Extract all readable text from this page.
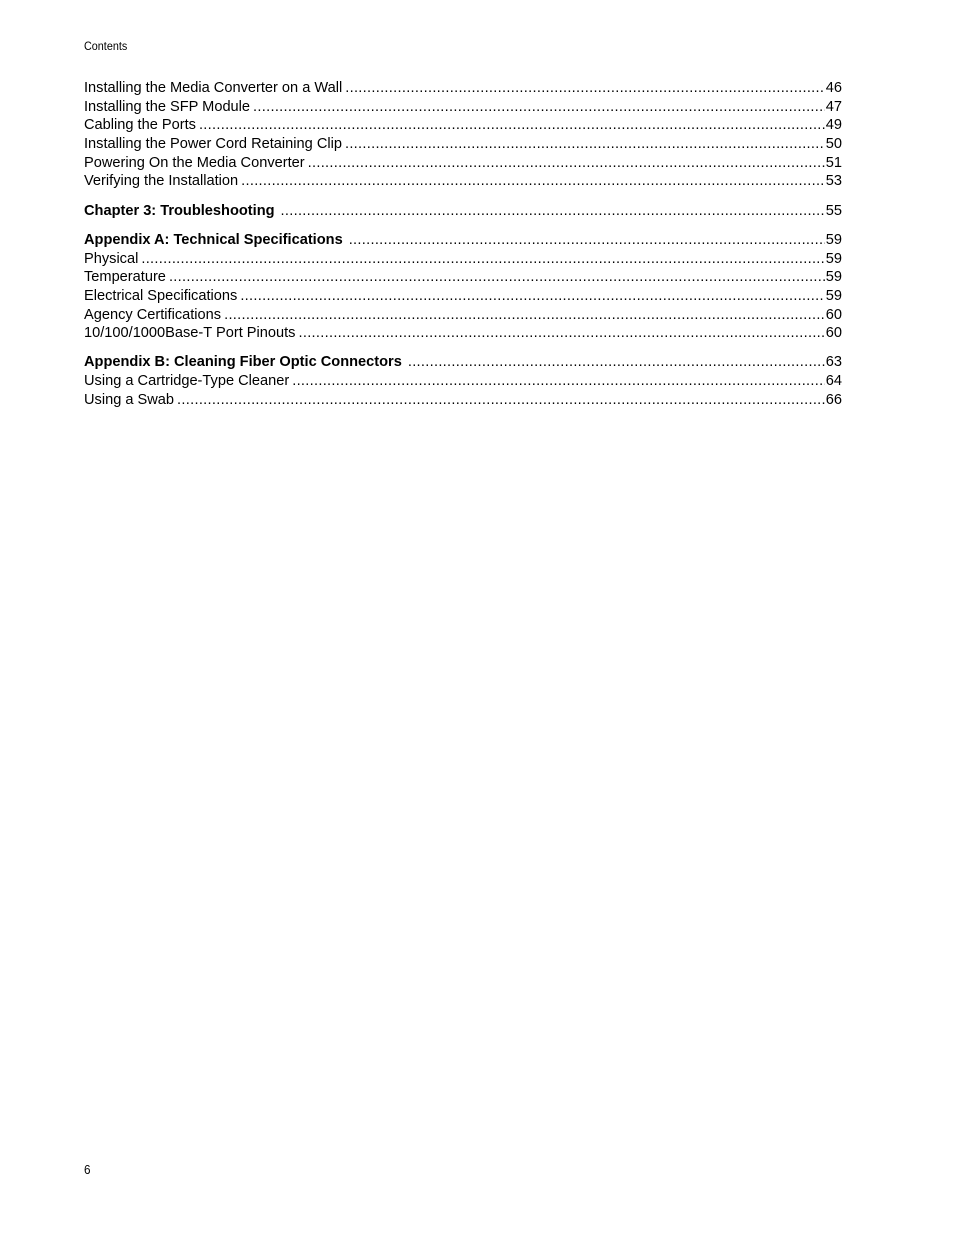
Contents
Installing the Media Converter on a Wall .....	46
Installing the SFP Module .....	47
Cabling the Ports .....	49
Installing the Power Cord Retaining Clip .....	50
Powering On the Media Converter .....	51
Verifying the Installation .....	53
Chapter 3: Troubleshooting .....	55
Appendix A: Technical Specifications .....	59
Physical .....	59
Temperature .....	59
Electrical Specifications .....	59
Agency Certifications .....	60
10/100/1000Base-T Port Pinouts .....	60
Appendix B: Cleaning Fiber Optic Connectors .....	63
Using a Cartridge-Type Cleaner .....	64
Using a Swab .....	66
6
